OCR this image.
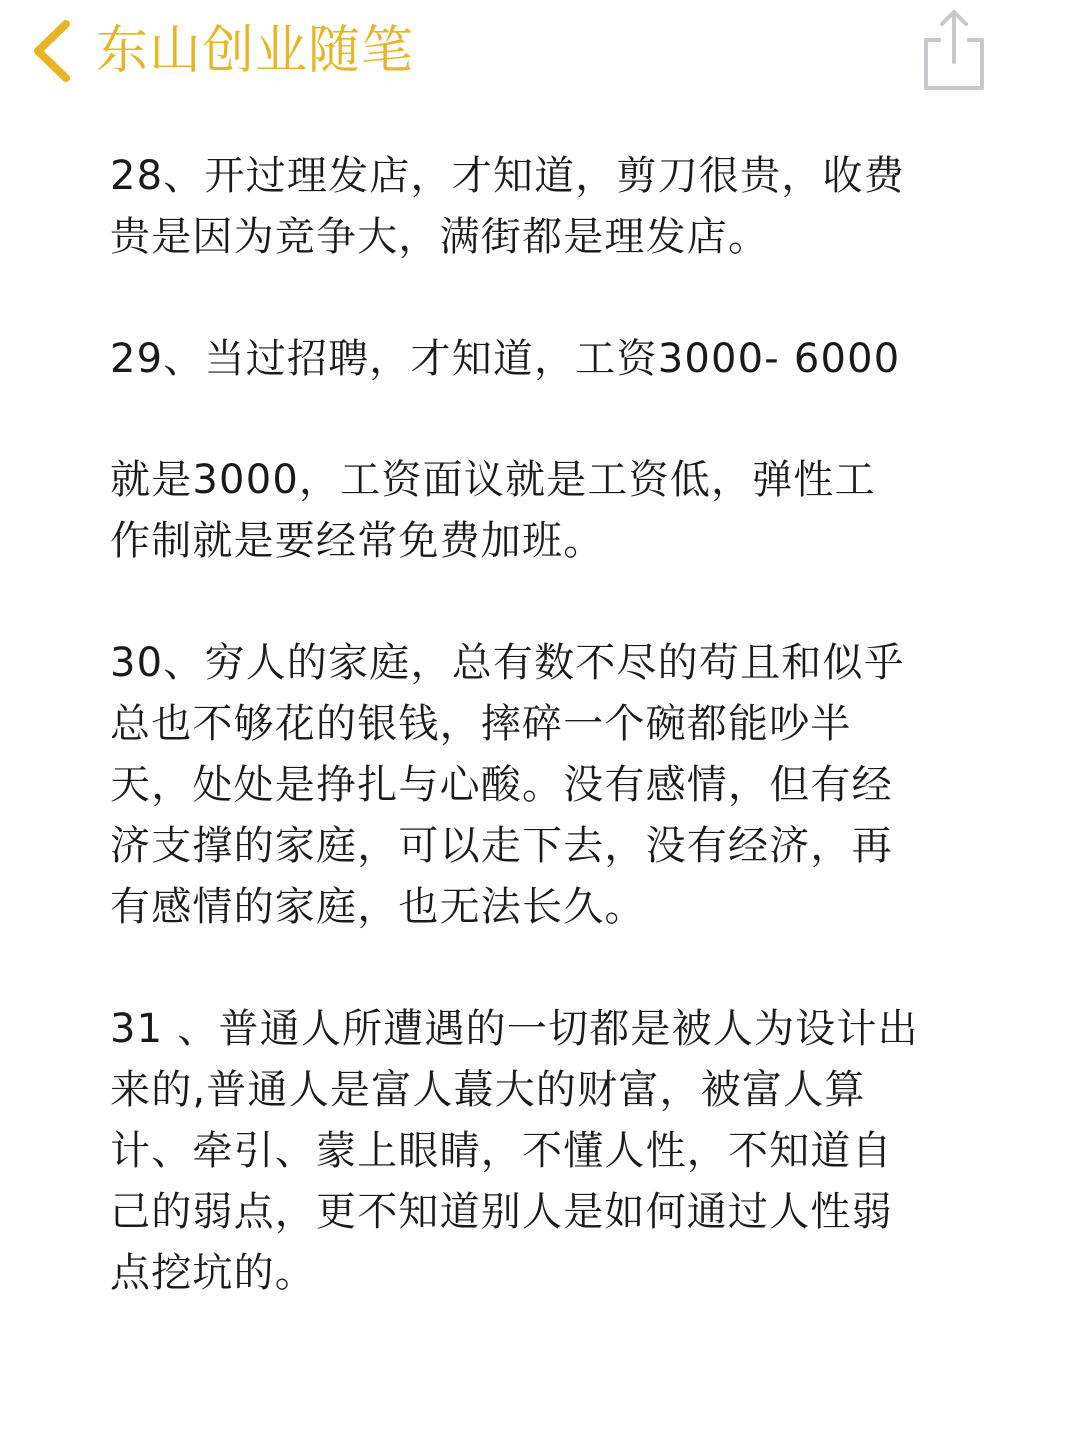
东山创业随笔
28、开过理发店，才知道，剪刀很贵，收费
贵是因为竞争大，满街都是理发店。
29、当过招聘，才知道，工资3000- 6000
就是3000，工资面议就是工资低，弹性工
作制就是要经常免费加班。
30、穷人的家庭，总有数不尽的苟且和似乎
总也不够花的银钱，摔碎一个碗都能吵半
天，处处是挣扎与心酸。没有感情，但有经
济支撑的家庭，可以走下去，没有经济，再
有感情的家庭，也无法长久。
31 、普通人所遭遇的一切都是被人为设计出
来的,普通人是富人蕞大的财富，被富人算
计、牵引、蒙上眼睛，不懂人性，不知道自
己的弱点，更不知道别人是如何通过人性弱
点挖坑的。
